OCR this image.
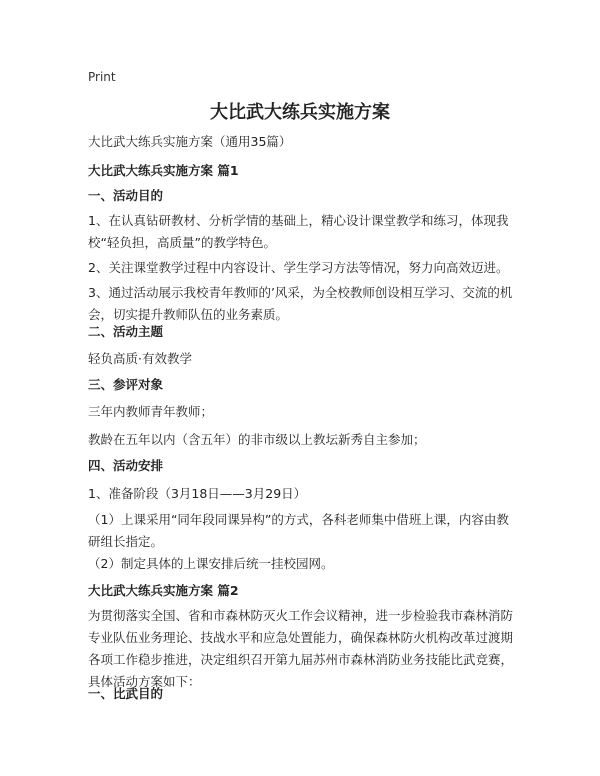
Print
大比武大练兵实施方案

大比武大练兵实施方案（通用35篇）

大比武大练兵实施方案 篇1

一、活动目的

1、在认真钻研教材、分析学情的基础上，精心设计课堂教学和练习，体现我校“轻负担，高质量”的教学特色。

2、关注课堂教学过程中内容设计、学生学习方法等情况，努力向高效迈进。

3、通过活动展示我校青年教师的’风采，为全校教师创设相互学习、交流的机会，切实提升教师队伍的业务素质。

二、活动主题

轻负高质·有效教学

三、参评对象

三年内教师青年教师；

教龄在五年以内（含五年）的非市级以上教坛新秀自主参加；

四、活动安排

1、准备阶段（3月18日——3月29日）

（1）上课采用“同年段同课异构”的方式，各科老师集中借班上课，内容由教研组长指定。

（2）制定具体的上课安排后统一挂校园网。

大比武大练兵实施方案 篇2

为贯彻落实全国、省和市森林防灭火工作会议精神，进一步检验我市森林消防专业队伍业务理论、技战水平和应急处置能力，确保森林防火机构改革过渡期各项工作稳步推进，决定组织召开第九届苏州市森林消防业务技能比武竞赛，具体活动方案如下：

一、比武目的
